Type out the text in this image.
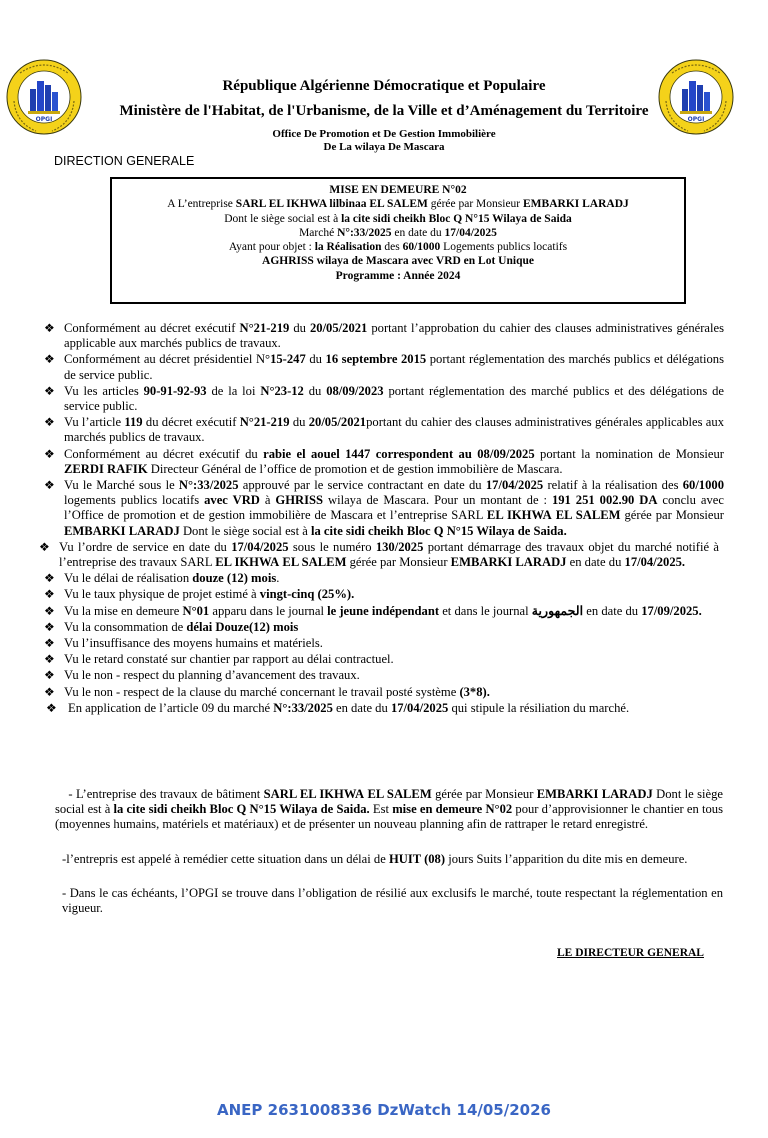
OPGI	OPGI
République Algérienne Démocratique et Populaire
Ministère de l'Habitat, de l'Urbanisme, de la Ville et d’Aménagement du Territoire
Office De Promotion et De Gestion Immobilière
De La wilaya De Mascara
DIRECTION GENERALE
MISE EN DEMEURE N°02
A L’entreprise SARL EL IKHWA lilbinaa EL SALEM gérée par Monsieur EMBARKI LARADJ
Dont le siège social est à la cite sidi cheikh Bloc Q N°15 Wilaya de Saida
Marché N°:33/2025 en date du 17/04/2025
Ayant pour objet : la Réalisation des 60/1000 Logements publics locatifs
AGHRISS wilaya de Mascara avec VRD en Lot Unique
Programme : Année 2024
❖ Conformément au décret exécutif N°21-219 du 20/05/2021 portant l’approbation du cahier des clauses administratives générales applicable aux marchés publics de travaux.
❖ Conformément au décret présidentiel N°15-247 du 16 septembre 2015 portant réglementation des marchés publics et délégations de service public.
❖ Vu les articles 90-91-92-93 de la loi N°23-12 du 08/09/2023 portant réglementation des marché publics et des délégations de service public.
❖ Vu l’article 119 du décret exécutif N°21-219 du 20/05/2021portant du cahier des clauses administratives générales applicables aux marchés publics de travaux.
❖ Conformément au décret exécutif du rabie el aouel 1447 correspondent au 08/09/2025 portant la nomination de Monsieur ZERDI RAFIK Directeur Général de l’office de promotion et de gestion immobilière de Mascara.
❖ Vu le Marché sous le N°:33/2025 approuvé par le service contractant en date du 17/04/2025 relatif à la réalisation des 60/1000 logements publics locatifs avec VRD à GHRISS wilaya de Mascara. Pour un montant de : 191 251 002.90 DA conclu avec l’Office de promotion et de gestion immobilière de Mascara et l’entreprise SARL EL IKHWA EL SALEM gérée par Monsieur EMBARKI LARADJ Dont le siège social est à la cite sidi cheikh Bloc Q N°15 Wilaya de Saida.
❖ Vu l’ordre de service en date du 17/04/2025 sous le numéro 130/2025 portant démarrage des travaux objet du marché notifié à l’entreprise des travaux SARL EL IKHWA EL SALEM gérée par Monsieur EMBARKI LARADJ en date du 17/04/2025.
❖ Vu le délai de réalisation douze (12) mois.
❖ Vu le taux physique de projet estimé à vingt-cinq (25%).
❖ Vu la mise en demeure N°01 apparu dans le journal le jeune indépendant et dans le journal الجمهورية en date du 17/09/2025.
❖ Vu la consommation de délai Douze(12) mois
❖ Vu l’insuffisance des moyens humains et matériels.
❖ Vu le retard constaté sur chantier par rapport au délai contractuel.
❖ Vu le non - respect du planning d’avancement des travaux.
❖ Vu le non - respect de la clause du marché concernant le travail posté système (3*8).
❖ En application de l’article 09 du marché N°:33/2025 en date du 17/04/2025 qui stipule la résiliation du marché.
- L’entreprise des travaux de bâtiment SARL EL IKHWA EL SALEM gérée par Monsieur EMBARKI LARADJ Dont le siège social est à la cite sidi cheikh Bloc Q N°15 Wilaya de Saida. Est mise en demeure N°02 pour d’approvisionner le chantier en tous (moyennes humains, matériels et matériaux) et de présenter un nouveau planning afin de rattraper le retard enregistré.
-l’entrepris est appelé à remédier cette situation dans un délai de HUIT (08) jours Suits l’apparition du dite mis en demeure.
- Dans le cas échéants, l’OPGI se trouve dans l’obligation de résilié aux exclusifs le marché, toute respectant la réglementation en vigueur.
LE DIRECTEUR GENERAL
ANEP 2631008336 DzWatch 14/05/2026
